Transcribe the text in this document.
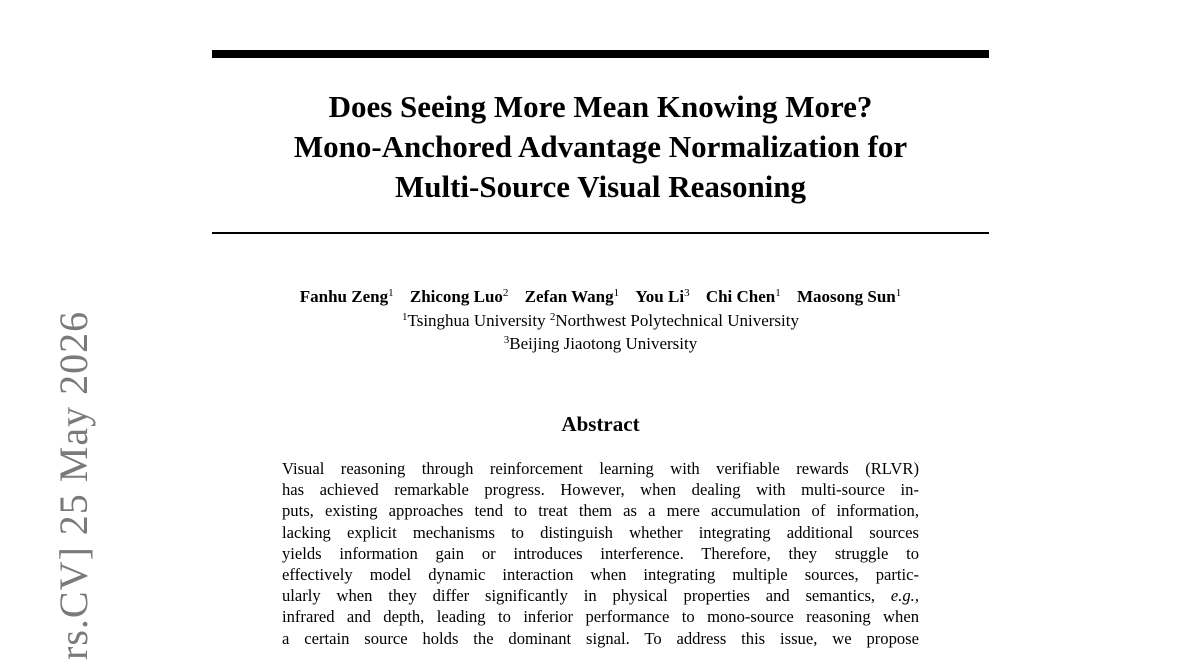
Does Seeing More Mean Knowing More?
Mono-Anchored Advantage Normalization for
Multi-Source Visual Reasoning
Fanhu Zeng$^1$ Zhicong Luo$^2$ Zefan Wang$^1$ You Li$^3$ Chi Chen$^1$ Maosong Sun$^1$
$^1$Tsinghua University $^2$Northwest Polytechnical University
$^3$Beijing Jiaotong University
Abstract
Visual reasoning through reinforcement learning with verifiable rewards (RLVR)
has achieved remarkable progress. However, when dealing with multi-source in-
puts, existing approaches tend to treat them as a mere accumulation of information,
lacking explicit mechanisms to distinguish whether integrating additional sources
yields information gain or introduces interference. Therefore, they struggle to
effectively model dynamic interaction when integrating multiple sources, partic-
ularly when they differ significantly in physical properties and semantics, e.g.,
infrared and depth, leading to inferior performance to mono-source reasoning when
a certain source holds the dominant signal. To address this issue, we propose
rs.CV] 25 May 2026
